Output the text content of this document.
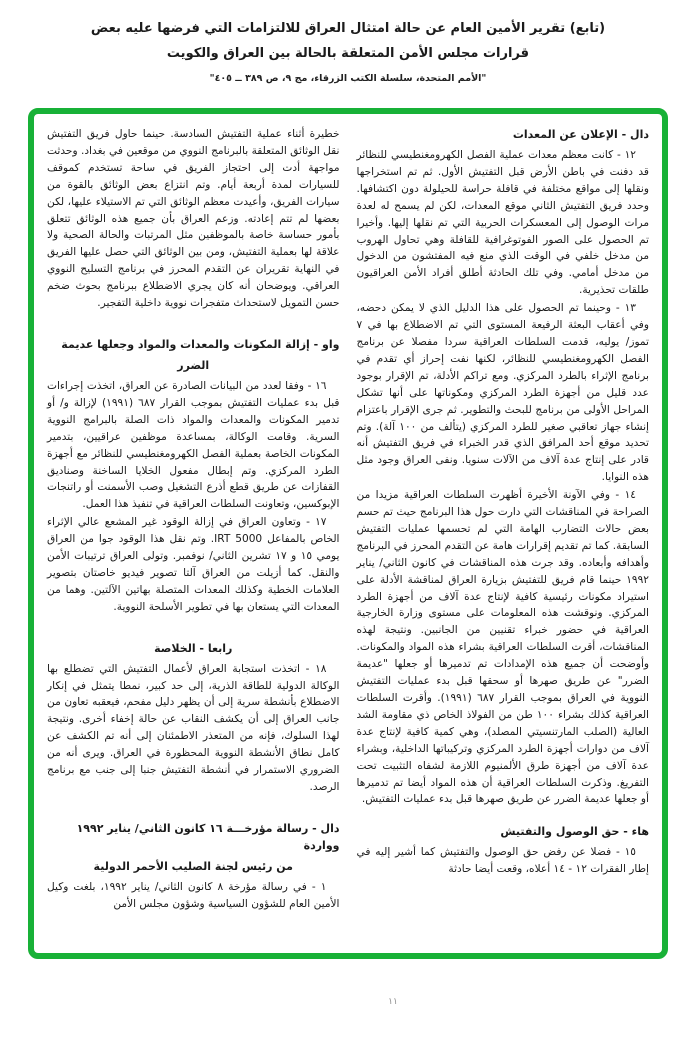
(تابع) تقرير الأمين العام عن حالة امتثال العراق للالتزامات التي فرضها عليه بعض
قرارات مجلس الأمن المتعلقة بالحالة بين العراق والكويت
"الأمم المتحدة، سلسلة الكتب الزرقاء، مج ٩، ص ٣٨٩ ــ ٤٠٥"
دال - الإعلان عن المعدات

١٢ - كانت معظم معدات عملية الفصل الكهرومغنطيسي للنظائر قد دفنت في باطن الأرض قبل التفتيش الأول. ثم تم استخراجها ونقلها إلى مواقع مختلفة في قافلة حراسة للحيلولة دون اكتشافها. وحدد فريق التفتيش الثاني موقع المعدات، لكن لم يسمح له لعدة مرات الوصول إلى المعسكرات الحربية التي تم نقلها إليها. وأخيرا تم الحصول على الصور الفوتوغرافية للقافلة وهي تحاول الهروب من مدخل خلفي في الوقت الذي منع فيه المفتشون من الدخول من مدخل أمامي. وفي تلك الحادثة أطلق أفراد الأمن العراقيون طلقات تحذيرية.

١٣ - وحينما تم الحصول على هذا الدليل الذي لا يمكن دحضه، وفي أعقاب البعثة الرفيعة المستوى التي تم الاضطلاع بها في ٧ تموز/ يوليه، قدمت السلطات العراقية سردا مفصلا عن برنامج الفصل الكهرومغنطيسي للنظائر، لكنها نفت إحراز أي تقدم في برنامج الإثراء بالطرد المركزي. ومع تراكم الأدلة، تم الإقرار بوجود عدد قليل من أجهزة الطرد المركزي ومكوناتها على أنها تشكل المراحل الأولى من برنامج للبحث والتطوير. ثم جرى الإقرار باعتزام إنشاء جهاز تعاقبي صغير للطرد المركزي (يتألف من ١٠٠ آلة). وتم تحديد موقع أحد المرافق الذي قدر الخبراء في فريق التفتيش أنه قادر على إنتاج عدة آلاف من الآلات سنويا. ونفى العراق وجود مثل هذه النوايا.

١٤ - وفي الآونة الأخيرة أظهرت السلطات العراقية مزيدا من الصراحة في المناقشات التي دارت حول هذا البرنامج حيث تم حسم بعض حالات التضارب الهامة التي لم تحسمها عمليات التفتيش السابقة. كما تم تقديم إقرارات هامة عن التقدم المحرز في البرنامج وأهدافه وأبعاده. وقد جرت هذه المناقشات في كانون الثاني/ يناير ١٩٩٢ حينما قام فريق للتفتيش بزيارة العراق لمناقشة الأدلة على استيراد مكونات رئيسية كافية لإنتاج عدة آلاف من أجهزة الطرد المركزي. ونوقشت هذه المعلومات على مستوى وزارة الخارجية العراقية في حضور خبراء تقنيين من الجانبين. ونتيجة لهذه المناقشات، أقرت السلطات العراقية بشراء هذه المواد والمكونات. وأوضحت أن جميع هذه الإمدادات تم تدميرها أو جعلها "عديمة الضرر" عن طريق صهرها أو سحقها قبل بدء عمليات التفتيش النووية في العراق بموجب القرار ٦٨٧ (١٩٩١). وأقرت السلطات العراقية كذلك بشراء ١٠٠ طن من الفولاذ الخاص ذي مقاومة الشد العالية (الصلب المارتنسيتي المصلد)، وهي كمية كافية لإنتاج عدة آلاف من دوارات أجهزة الطرد المركزي وتركيباتها الداخلية، وبشراء عدة آلاف من أجهزة طرق الألمنيوم اللازمة لشفاه التثبيت تحت التفريغ. وذكرت السلطات العراقية أن هذه المواد أيضا تم تدميرها أو جعلها عديمة الضرر عن طريق صهرها قبل بدء عمليات التفتيش.

هاء - حق الوصول والتفتيش

١٥ - فضلا عن رفض حق الوصول والتفتيش كما أشير إليه في إطار الفقرات ١٢ - ١٤ أعلاه، وقعت أيضا حادثة

خطيرة أثناء عملية التفتيش السادسة. حينما حاول فريق التفتيش نقل الوثائق المتعلقة بالبرنامج النووي من موقعين في بغداد. وحدثت مواجهة أدت إلى احتجاز الفريق في ساحة تستخدم كموقف للسيارات لمدة أربعة أيام. وتم انتزاع بعض الوثائق بالقوة من سيارات الفريق، وأعيدت معظم الوثائق التي تم الاستيلاء عليها، لكن بعضها لم تتم إعادته. وزعم العراق بأن جميع هذه الوثائق تتعلق بأمور حساسة خاصة بالموظفين مثل المرتبات والحالة الصحية ولا علاقة لها بعملية التفتيش، ومن بين الوثائق التي حصل عليها الفريق في النهاية تقريران عن التقدم المحرز في برنامج التسليح النووي العراقي. ويوضحان أنه كان يجري الاضطلاع ببرنامج بحوث ضخم حسن التمويل لاستحداث متفجرات نووية داخلية التفجير.

واو - إزالة المكونات والمعدات والمواد وجعلها عديمة
الضرر

١٦ - وفقا لعدد من البيانات الصادرة عن العراق، اتخذت إجراءات قبل بدء عمليات التفتيش بموجب القرار ٦٨٧ (١٩٩١) لإزالة و/ أو تدمير المكونات والمعدات والمواد ذات الصلة بالبرامج النووية السرية. وقامت الوكالة، بمساعدة موظفين عراقيين، بتدمير المكونات الخاصة بعملية الفصل الكهرومغنطيسي للنظائر مع أجهزة الطرد المركزي. وتم إبطال مفعول الخلايا الساخنة وصناديق القفازات عن طريق قطع أذرع التشغيل وصب الأسمنت أو راتنجات الإبوكسين، وتعاونت السلطات العراقية في تنفيذ هذا العمل.

١٧ - وتعاون العراق في إزالة الوقود غير المشعع عالي الإثراء الخاص بالمفاعل IRT 5000. وتم نقل هذا الوقود جوا من العراق يومي ١٥ و ١٧ تشرين الثاني/ نوفمبر. وتولى العراق ترتيبات الأمن والنقل. كما أزيلت من العراق آلتا تصوير فيديو خاصتان بتصوير العلامات الخطية وكذلك المعدات المتصلة بهاتين الآلتين. وهما من المعدات التي يستعان بها في تطوير الأسلحة النووية.

رابعا - الخلاصة

١٨ - اتخذت استجابة العراق لأعمال التفتيش التي تضطلع بها الوكالة الدولية للطاقة الذرية، إلى حد كبير، نمطا يتمثل في إنكار الاضطلاع بأنشطة سرية إلى أن يظهر دليل مفحم، فيعقبه تعاون من جانب العراق إلى أن يكشف النقاب عن حالة إخفاء أخرى. ونتيجة لهذا السلوك، فإنه من المتعذر الاطمئنان إلى أنه تم الكشف عن كامل نطاق الأنشطة النووية المحظورة في العراق. ويرى أنه من الضروري الاستمرار في أنشطة التفتيش جنبا إلى جنب مع برنامج الرصد.

دال - رسالة مؤرخـــة ١٦ كانون الثاني/ يناير ١٩٩٢ وواردة
من رئيس لجنة الصليب الأحمر الدولية

١ - في رسالة مؤرخة ٨ كانون الثاني/ يناير ١٩٩٢، بلغت وكيل الأمين العام للشؤون السياسية وشؤون مجلس الأمن

١١
